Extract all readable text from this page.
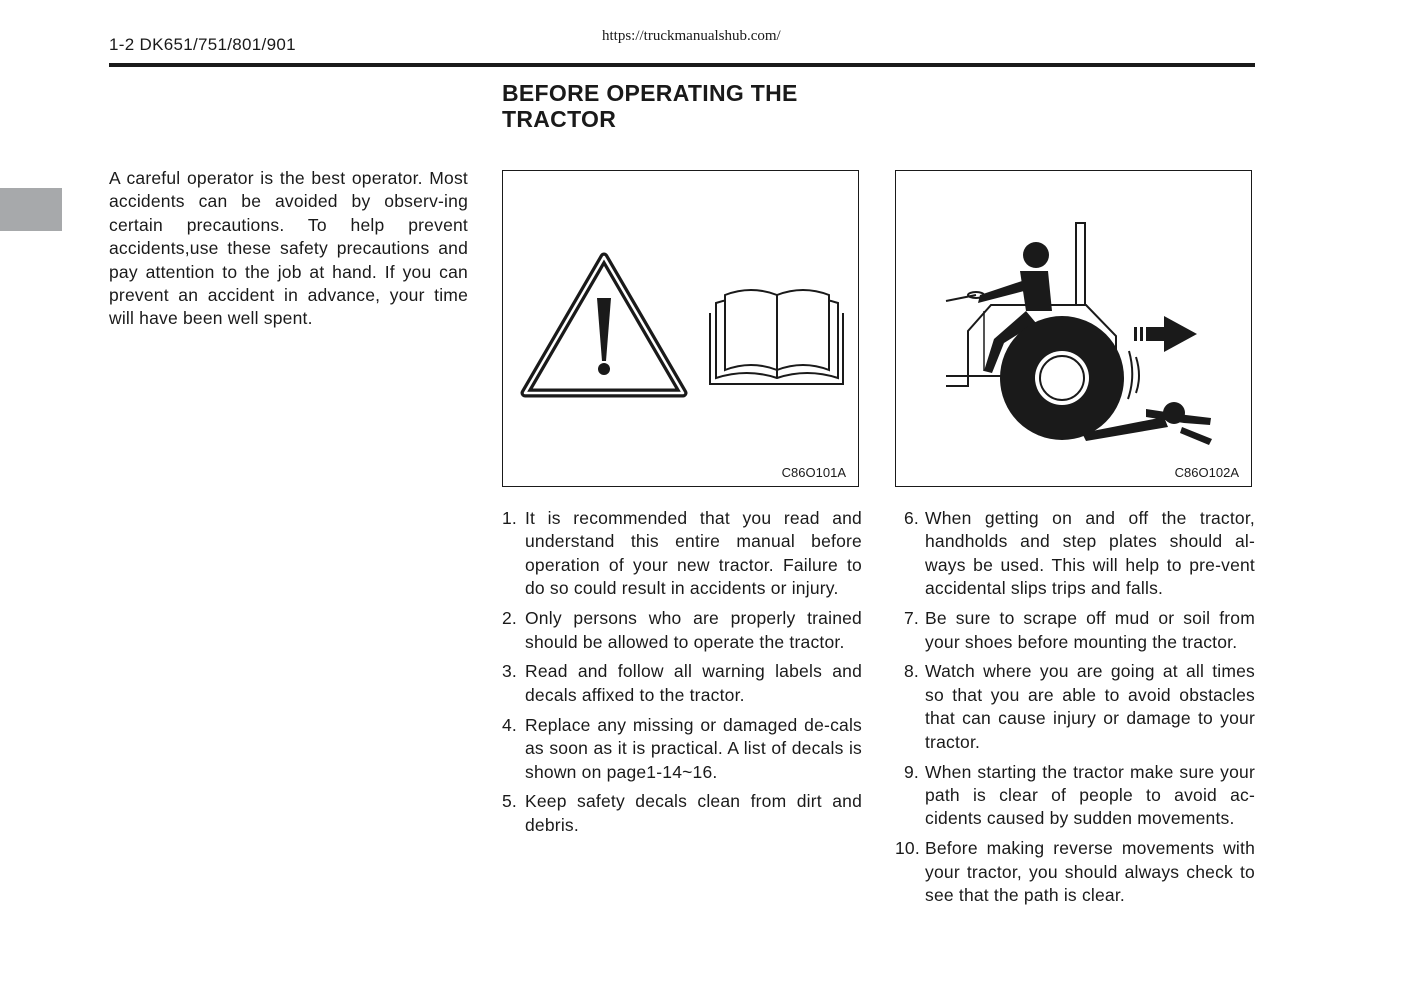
1-2 DK651/751/801/901	https://truckmanualshub.com/
BEFORE OPERATING THE
TRACTOR

A careful operator is the best operator. Most accidents can be avoided by observ-ing certain precautions. To help prevent accidents,use these safety precautions and pay attention to the job at hand. If you can prevent an accident in advance, your time will have been well spent.

C86O101A	C86O102A
1. It is recommended that you read and understand this entire manual before operation of your new tractor. Failure to do so could result in accidents or injury.
2. Only persons who are properly trained should be allowed to operate the tractor.
3. Read and follow all warning labels and decals affixed to the tractor.
4. Replace any missing or damaged de-cals as soon as it is practical. A list of decals is shown on page1-14~16.
5. Keep safety decals clean from dirt and debris.
6. When getting on and off the tractor, handholds and step plates should al-ways be used. This will help to pre-vent accidental slips trips and falls.
7. Be sure to scrape off mud or soil from your shoes before mounting the tractor.
8. Watch where you are going at all times so that you are able to avoid obstacles that can cause injury or damage to your tractor.
9. When starting the tractor make sure your path is clear of people to avoid ac-cidents caused by sudden movements.
10. Before making reverse movements with your tractor, you should always check to see that the path is clear.
